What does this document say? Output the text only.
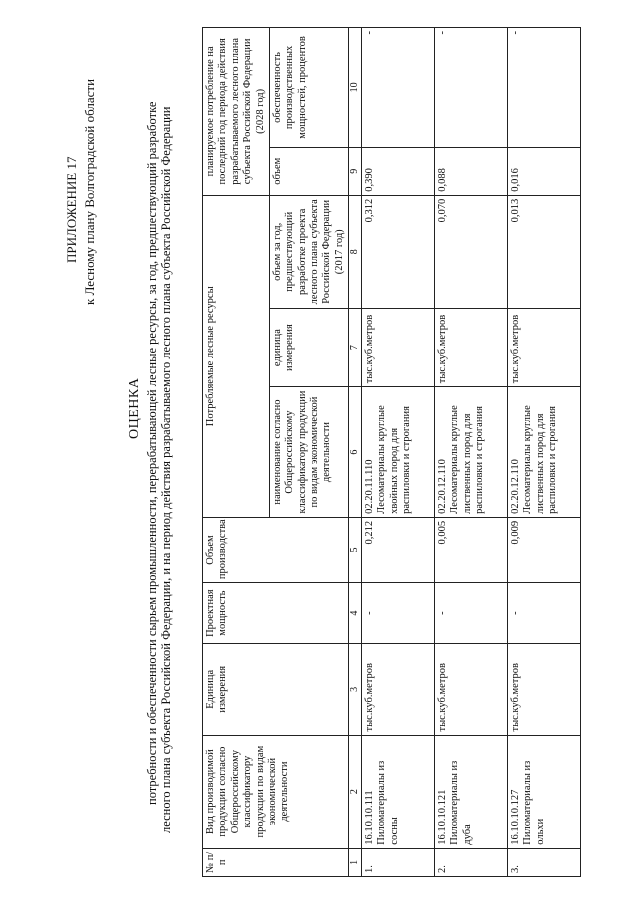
ПРИЛОЖЕНИЕ 17 к Лесному плану Волгоградской области
ОЦЕНКА потребности и обеспеченности сырьем промышленности, перерабатывающей лесные ресурсы, за год, предшествующий разработке лесного плана субъекта Российской Федерации, и на период действия разрабатываемого лесного плана субъекта Российской Федерации
№ п/п	Вид производимой продукции согласно Общероссийскому классификатору продукции по видам экономической деятельности	Единица измерения	Проектная мощность	Объем производства	Потребляемые лесные ресурсы			планируемое потребление на последний год периода действия разрабатываемого лесного плана субъекта Российской Федерации (2028 год)	
					наименование согласно Общероссийскому классификатору продукции по видам экономической деятельности	единица измерения	объем за год, предшествующий разработке проекта лесного плана субъекта Российской Федерации (2017 год)	объем	обеспеченность производственных мощностей, процентов
1	2	3	4	5	6	7	8	9	10
1.	16.10.10.111 Пиломатериалы из сосны	тыс.куб.метров	-	0,212	02.20.11.110 Лесоматериалы круглые хвойных пород для распиловки и строгания	тыс.куб.метров	0,312	0,390	-
2.	16.10.10.121 Пиломатериалы из дуба	тыс.куб.метров	-	0,005	02.20.12.110 Лесоматериалы круглые лиственных пород для распиловки и строгания	тыс.куб.метров	0,070	0,088	-
3.	16.10.10.127 Пиломатериалы из ольхи	тыс.куб.метров	-	0,009	02.20.12.110 Лесоматериалы круглые лиственных пород для распиловки и строгания	тыс.куб.метров	0,013	0,016	-
